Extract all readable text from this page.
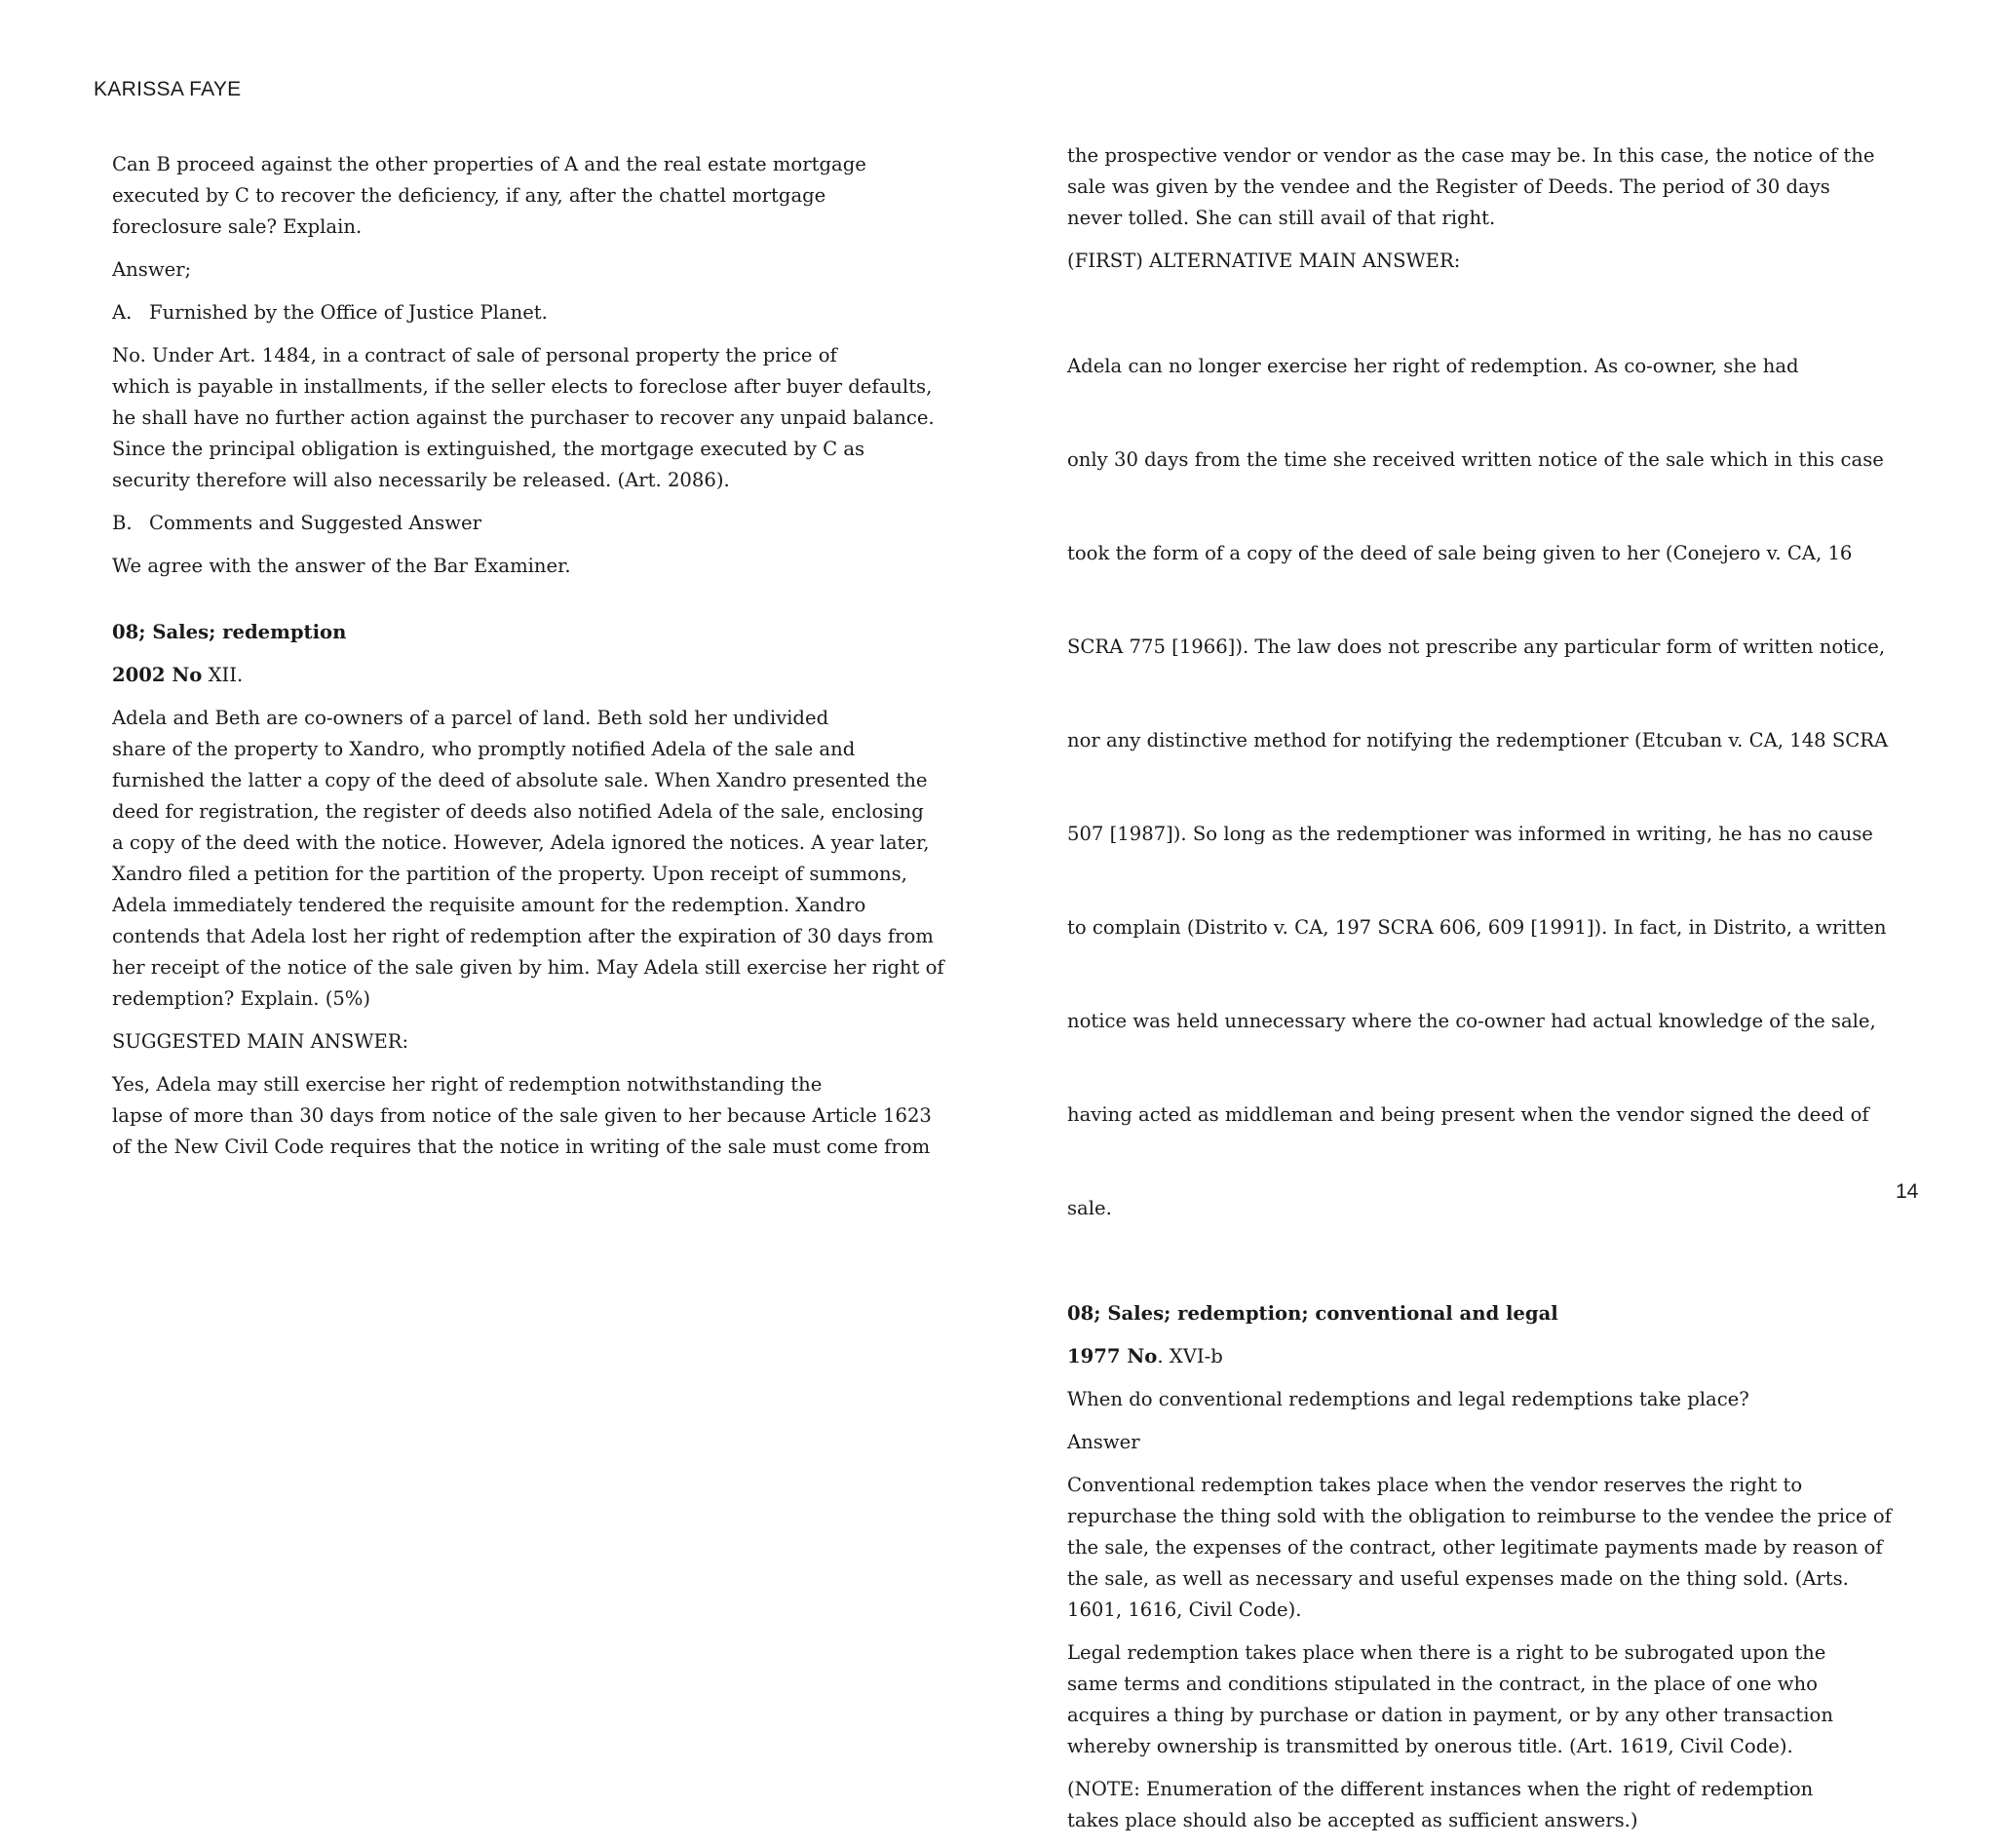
KARISSA FAYE
Can B proceed against the other properties of A and the real estate mortgage
executed by C to recover the deficiency, if any, after the chattel mortgage
foreclosure sale? Explain.
Answer;
A. Furnished by the Office of Justice Planet.
No. Under Art. 1484, in a contract of sale of personal property the price of
which is payable in installments, if the seller elects to foreclose after buyer defaults,
he shall have no further action against the purchaser to recover any unpaid balance.
Since the principal obligation is extinguished, the mortgage executed by C as
security therefore will also necessarily be released. (Art. 2086).
B. Comments and Suggested Answer
We agree with the answer of the Bar Examiner.
08; Sales; redemption
2002 No XII.
Adela and Beth are co-owners of a parcel of land. Beth sold her undivided
share of the property to Xandro, who promptly notified Adela of the sale and
furnished the latter a copy of the deed of absolute sale. When Xandro presented the
deed for registration, the register of deeds also notified Adela of the sale, enclosing
a copy of the deed with the notice. However, Adela ignored the notices. A year later,
Xandro filed a petition for the partition of the property. Upon receipt of summons,
Adela immediately tendered the requisite amount for the redemption. Xandro
contends that Adela lost her right of redemption after the expiration of 30 days from
her receipt of the notice of the sale given by him. May Adela still exercise her right of
redemption? Explain. (5%)
SUGGESTED MAIN ANSWER:
Yes, Adela may still exercise her right of redemption notwithstanding the
lapse of more than 30 days from notice of the sale given to her because Article 1623
of the New Civil Code requires that the notice in writing of the sale must come from
the prospective vendor or vendor as the case may be. In this case, the notice of the
sale was given by the vendee and the Register of Deeds. The period of 30 days
never tolled. She can still avail of that right.
(FIRST) ALTERNATIVE MAIN ANSWER:

Adela can no longer exercise her right of redemption. As co-owner, she had

only 30 days from the time she received written notice of the sale which in this case

took the form of a copy of the deed of sale being given to her (Conejero v. CA, 16

SCRA 775 [1966]). The law does not prescribe any particular form of written notice,

nor any distinctive method for notifying the redemptioner (Etcuban v. CA, 148 SCRA

507 [1987]). So long as the redemptioner was informed in writing, he has no cause

to complain (Distrito v. CA, 197 SCRA 606, 609 [1991]). In fact, in Distrito, a written

notice was held unnecessary where the co-owner had actual knowledge of the sale,

having acted as middleman and being present when the vendor signed the deed of

sale.

08; Sales; redemption; conventional and legal
1977 No. XVI-b
When do conventional redemptions and legal redemptions take place?
Answer
Conventional redemption takes place when the vendor reserves the right to
repurchase the thing sold with the obligation to reimburse to the vendee the price of
the sale, the expenses of the contract, other legitimate payments made by reason of
the sale, as well as necessary and useful expenses made on the thing sold. (Arts.
1601, 1616, Civil Code).
Legal redemption takes place when there is a right to be subrogated upon the
same terms and conditions stipulated in the contract, in the place of one who
acquires a thing by purchase or dation in payment, or by any other transaction
whereby ownership is transmitted by onerous title. (Art. 1619, Civil Code).
(NOTE: Enumeration of the different instances when the right of redemption
takes place should also be accepted as sufficient answers.)
14
